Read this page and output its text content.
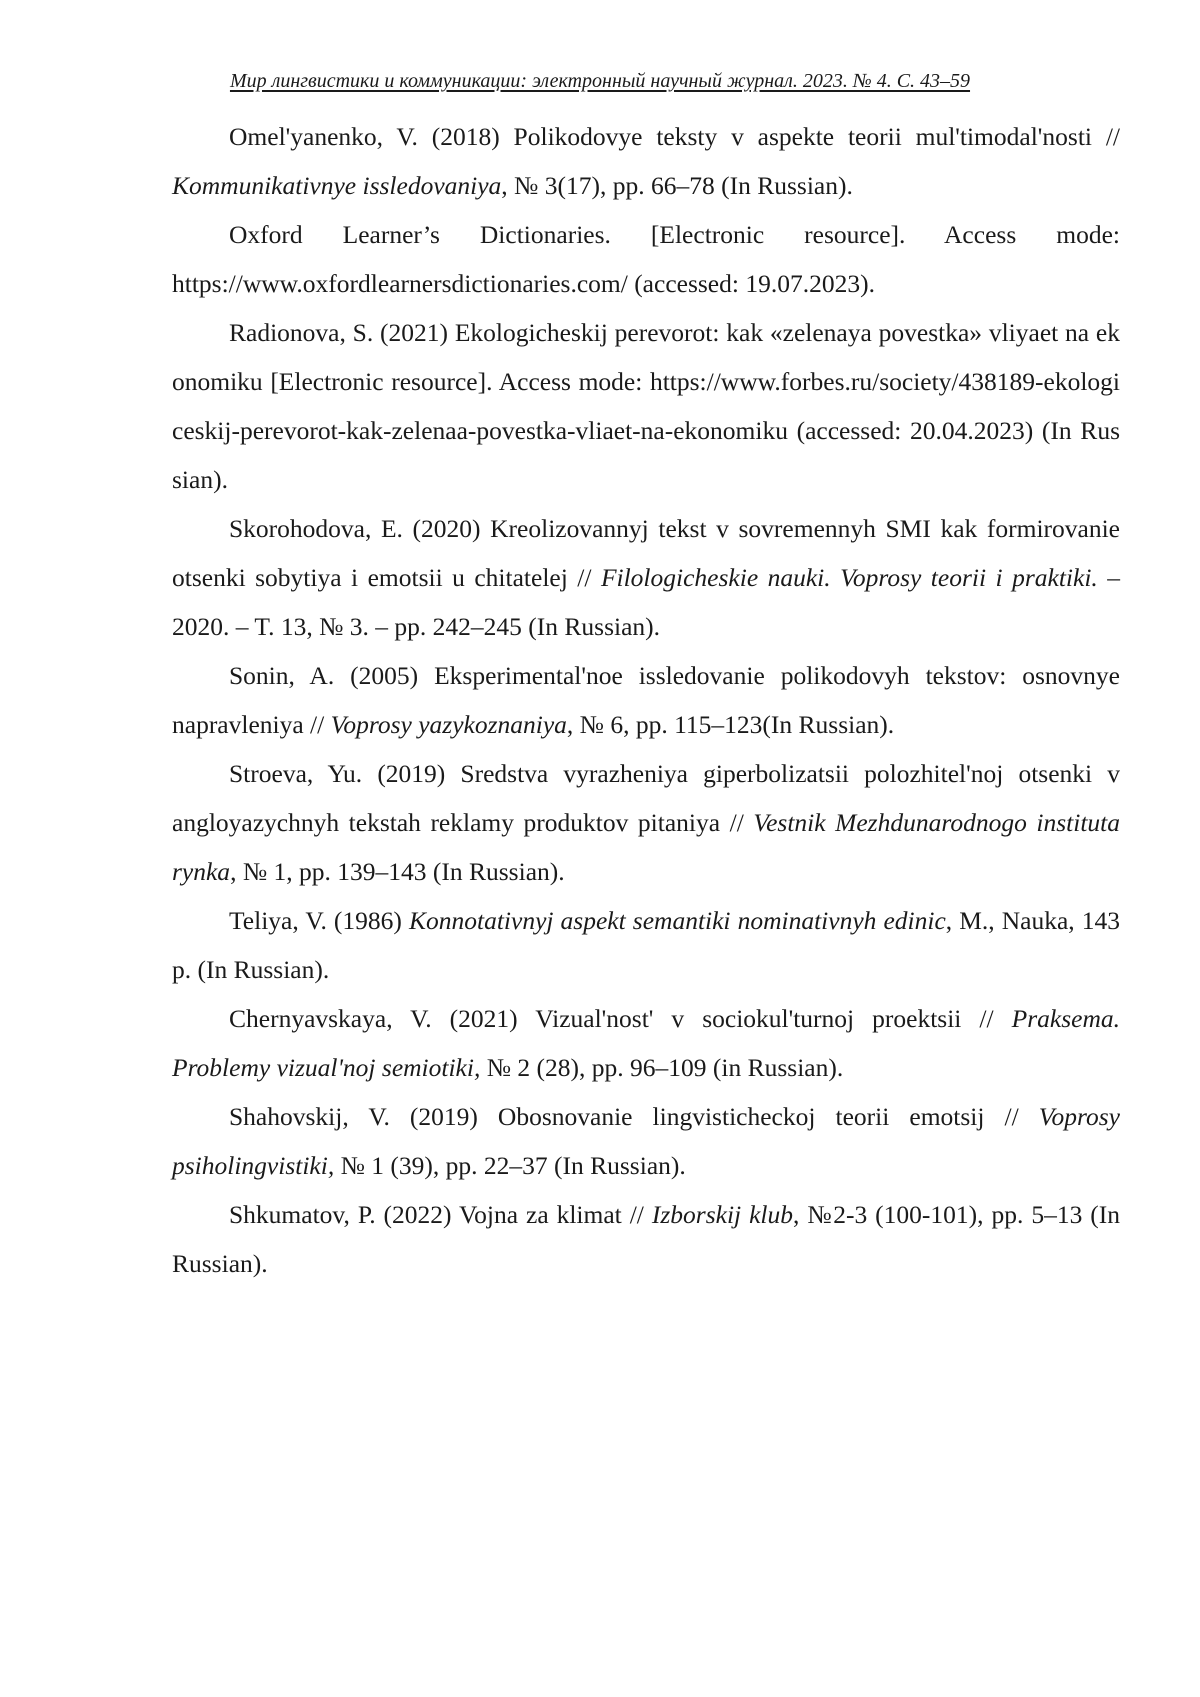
Мир лингвистики и коммуникации: электронный научный журнал. 2023. № 4. С. 43–59

Omel'yanenko, V. (2018) Polikodovye teksty v aspekte teorii mul'timodal'nosti // Kommunikativnye issledovaniya, № 3(17), pp. 66–78 (In Russian).

Oxford Learner’s Dictionaries. [Electronic resource]. Access mode: https://www.oxfordlearnersdictionaries.com/ (accessed: 19.07.2023).

Radionova, S. (2021) Ekologicheskij perevorot: kak «zelenaya povestka» vliyaet na ekonomiku [Electronic resource]. Access mode: https://www.forbes.ru/society/438189-ekologiceskij-perevorot-kak-zelenaa-povestka-vliaet-na-ekonomiku (accessed: 20.04.2023) (In Russian).

Skorohodova, E. (2020) Kreolizovannyj tekst v sovremennyh SMI kak formirovanie otsenki sobytiya i emotsii u chitatelej // Filologicheskie nauki. Voprosy teorii i praktiki. – 2020. – T. 13, № 3. – pp. 242–245 (In Russian).

Sonin, A. (2005) Eksperimental'noe issledovanie polikodovyh tekstov: osnovnye napravleniya // Voprosy yazykoznaniya, № 6, pp. 115–123(In Russian).

Stroeva, Yu. (2019) Sredstva vyrazheniya giperbolizatsii polozhitel'noj otsenki v angloyazychnyh tekstah reklamy produktov pitaniya // Vestnik Mezhdunarodnogo instituta rynka, № 1, pp. 139–143 (In Russian).

Teliya, V. (1986) Konnotativnyj aspekt semantiki nominativnyh edinic, M., Nauka, 143 p. (In Russian).

Chernyavskaya, V. (2021) Vizual'nost' v sociokul'turnoj proektsii // Praksema. Problemy vizual'noj semiotiki, № 2 (28), pp. 96–109 (in Russian).

Shahovskij, V. (2019) Obosnovanie lingvisticheckoj teorii emotsij // Voprosy psiholingvistiki, № 1 (39), pp. 22–37 (In Russian).

Shkumatov, P. (2022) Vojna za klimat // Izborskij klub, №2-3 (100-101), pp. 5–13 (In Russian).
